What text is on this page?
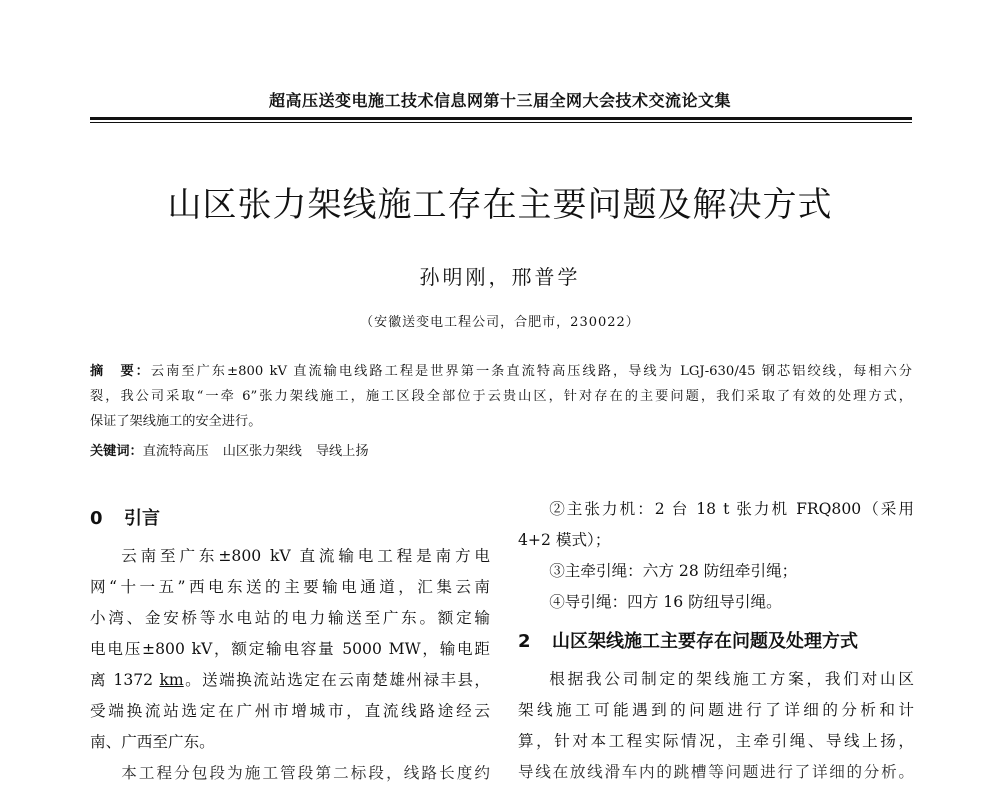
超高压送变电施工技术信息网第十三届全网大会技术交流论文集
山区张力架线施工存在主要问题及解决方式
孙明刚，邢普学
（安徽送变电工程公司，合肥市，230022）
摘　要：云南至广东±800 kV 直流输电线路工程是世界第一条直流特高压线路，导线为 LGJ-630/45 钢芯铝绞线，每相六分
裂，我公司采取“一牵 6”张力架线施工，施工区段全部位于云贵山区，针对存在的主要问题，我们采取了有效的处理方式，
保证了架线施工的安全进行。
关键词：直流特高压 山区张力架线 导线上扬
0 引言
云南至广东±800 kV 直流输电工程是南方电
网“十一五”西电东送的主要输电通道，汇集云南
小湾、金安桥等水电站的电力输送至广东。额定输
电电压±800 kV，额定输电容量 5000 MW，输电距
离 1372 km。送端换流站选定在云南楚雄州禄丰县，
受端换流站选定在广州市增城市，直流线路途经云
南、广西至广东。
本工程分包段为施工管段第二标段，线路长度约
②主张力机：2 台 18 t 张力机 FRQ800（采用
4+2 模式）；
③主牵引绳：六方 28 防纽牵引绳；
④导引绳：四方 16 防纽导引绳。
2 山区架线施工主要存在问题及处理方式
根据我公司制定的架线施工方案，我们对山区
架线施工可能遇到的问题进行了详细的分析和计
算，针对本工程实际情况，主牵引绳、导线上扬，
导线在放线滑车内的跳槽等问题进行了详细的分析。
